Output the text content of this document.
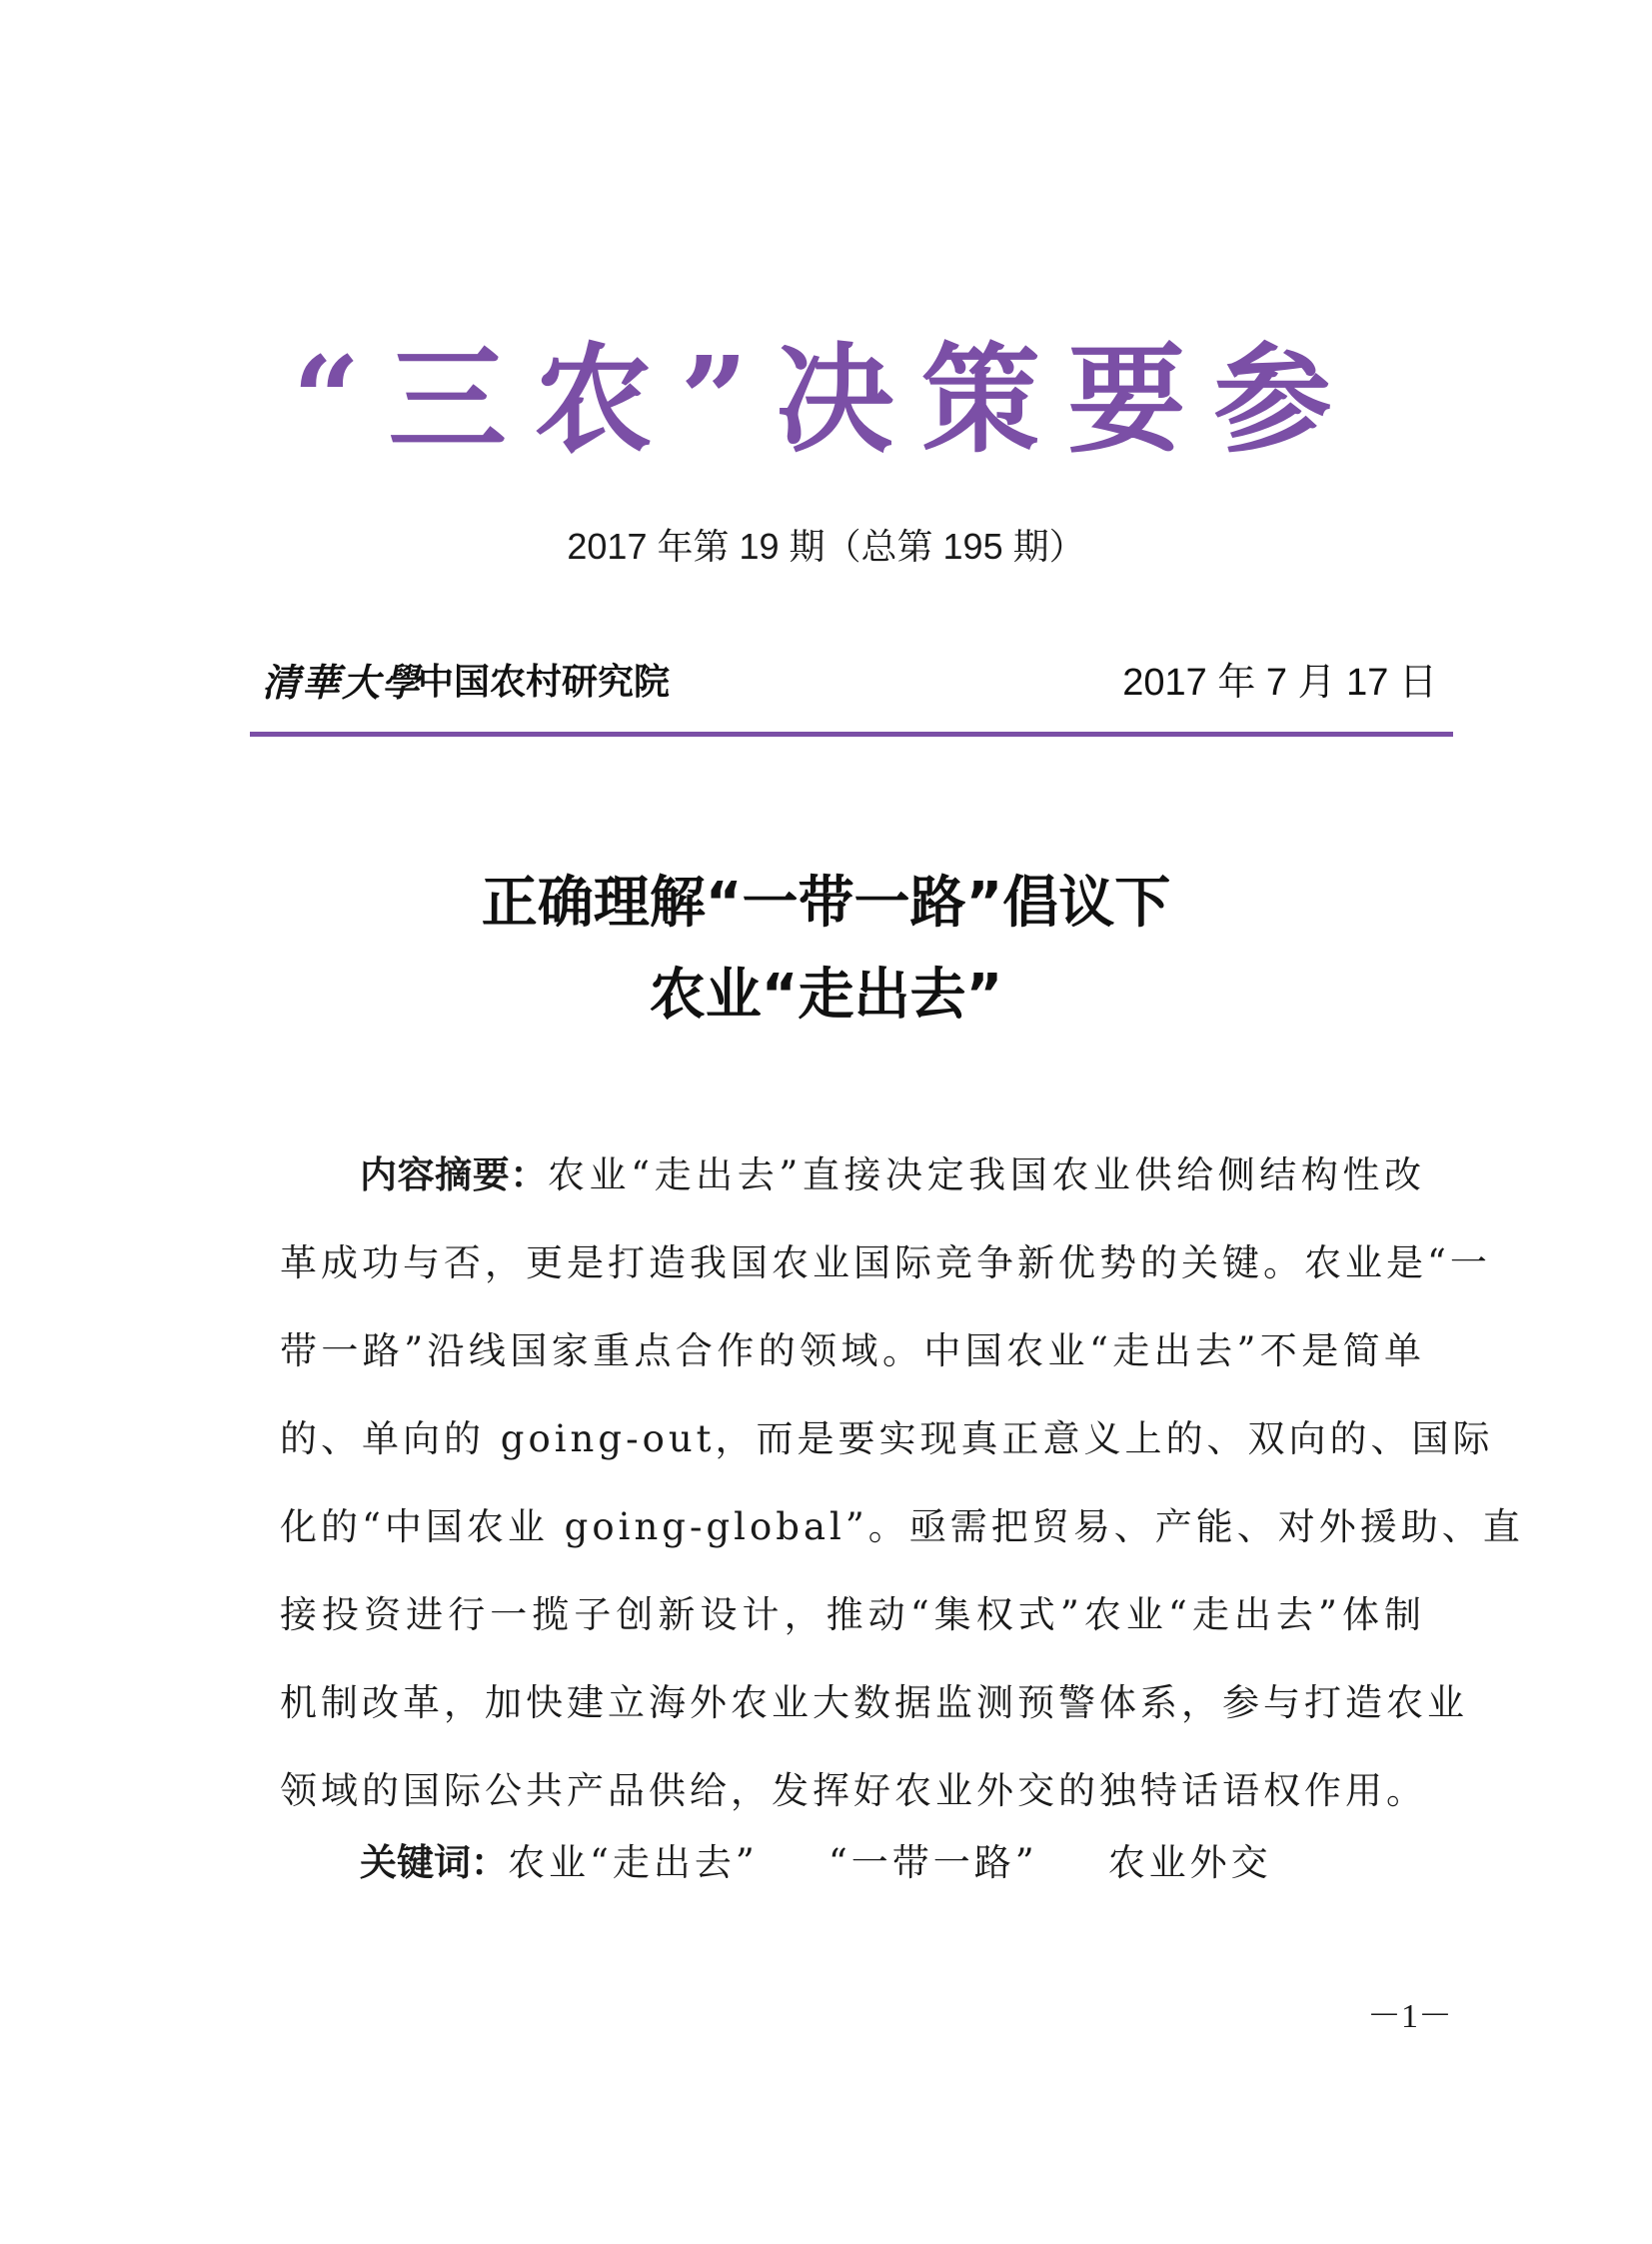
“三农”决策要参
2017 年第 19 期（总第 195 期）
清華大學
中国农村研究院	2017 年 7 月 17 日
正确理解“一带一路”倡议下
农业“走出去”
内容摘要：农业“走出去”直接决定我国农业供给侧结构性改
革成功与否，更是打造我国农业国际竞争新优势的关键。农业是“一
带一路”沿线国家重点合作的领域。中国农业“走出去”不是简单
的、单向的 going-out，而是要实现真正意义上的、双向的、国际
化的“中国农业 going-global”。亟需把贸易、产能、对外援助、直
接投资进行一揽子创新设计，推动“集权式”农业“走出去”体制
机制改革，加快建立海外农业大数据监测预警体系，参与打造农业
领域的国际公共产品供给，发挥好农业外交的独特话语权作用。
关键词：农业“走出去” “一带一路” 农业外交
－1－
